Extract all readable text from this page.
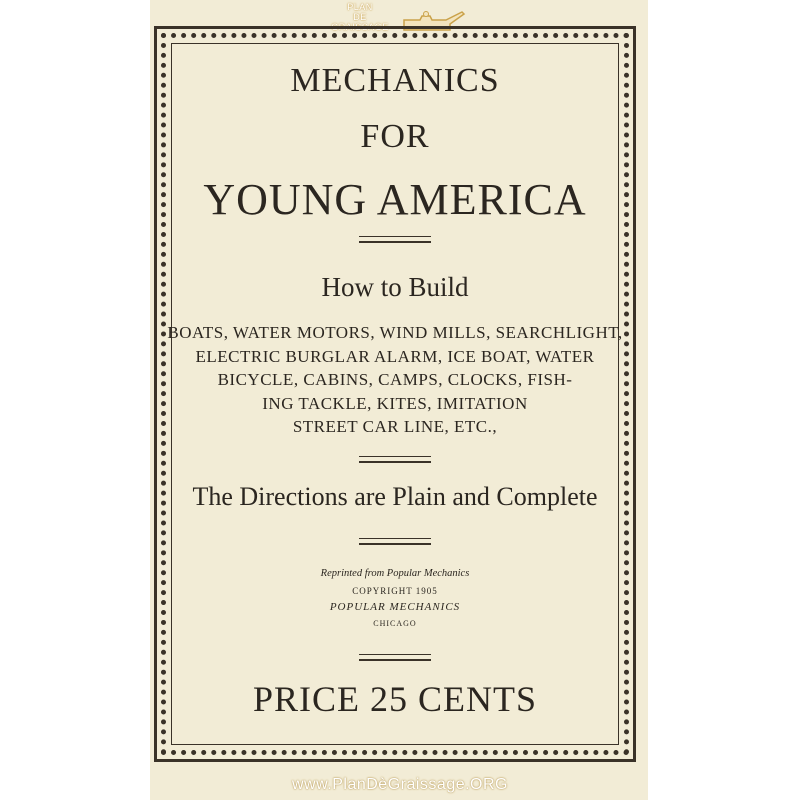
PLAN
DE
GRAISSAGE
MECHANICS
FOR
YOUNG AMERICA
How to Build
BOATS, WATER MOTORS, WIND MILLS, SEARCHLIGHT,
ELECTRIC BURGLAR ALARM, ICE BOAT, WATER
BICYCLE, CABINS, CAMPS, CLOCKS, FISH-
ING TACKLE, KITES, IMITATION
STREET CAR LINE, ETC.,
The Directions are Plain and Complete
Reprinted from Popular Mechanics
COPYRIGHT 1905
POPULAR MECHANICS
CHICAGO
PRICE 25 CENTS
www.PlanDèGraissage.ORG
